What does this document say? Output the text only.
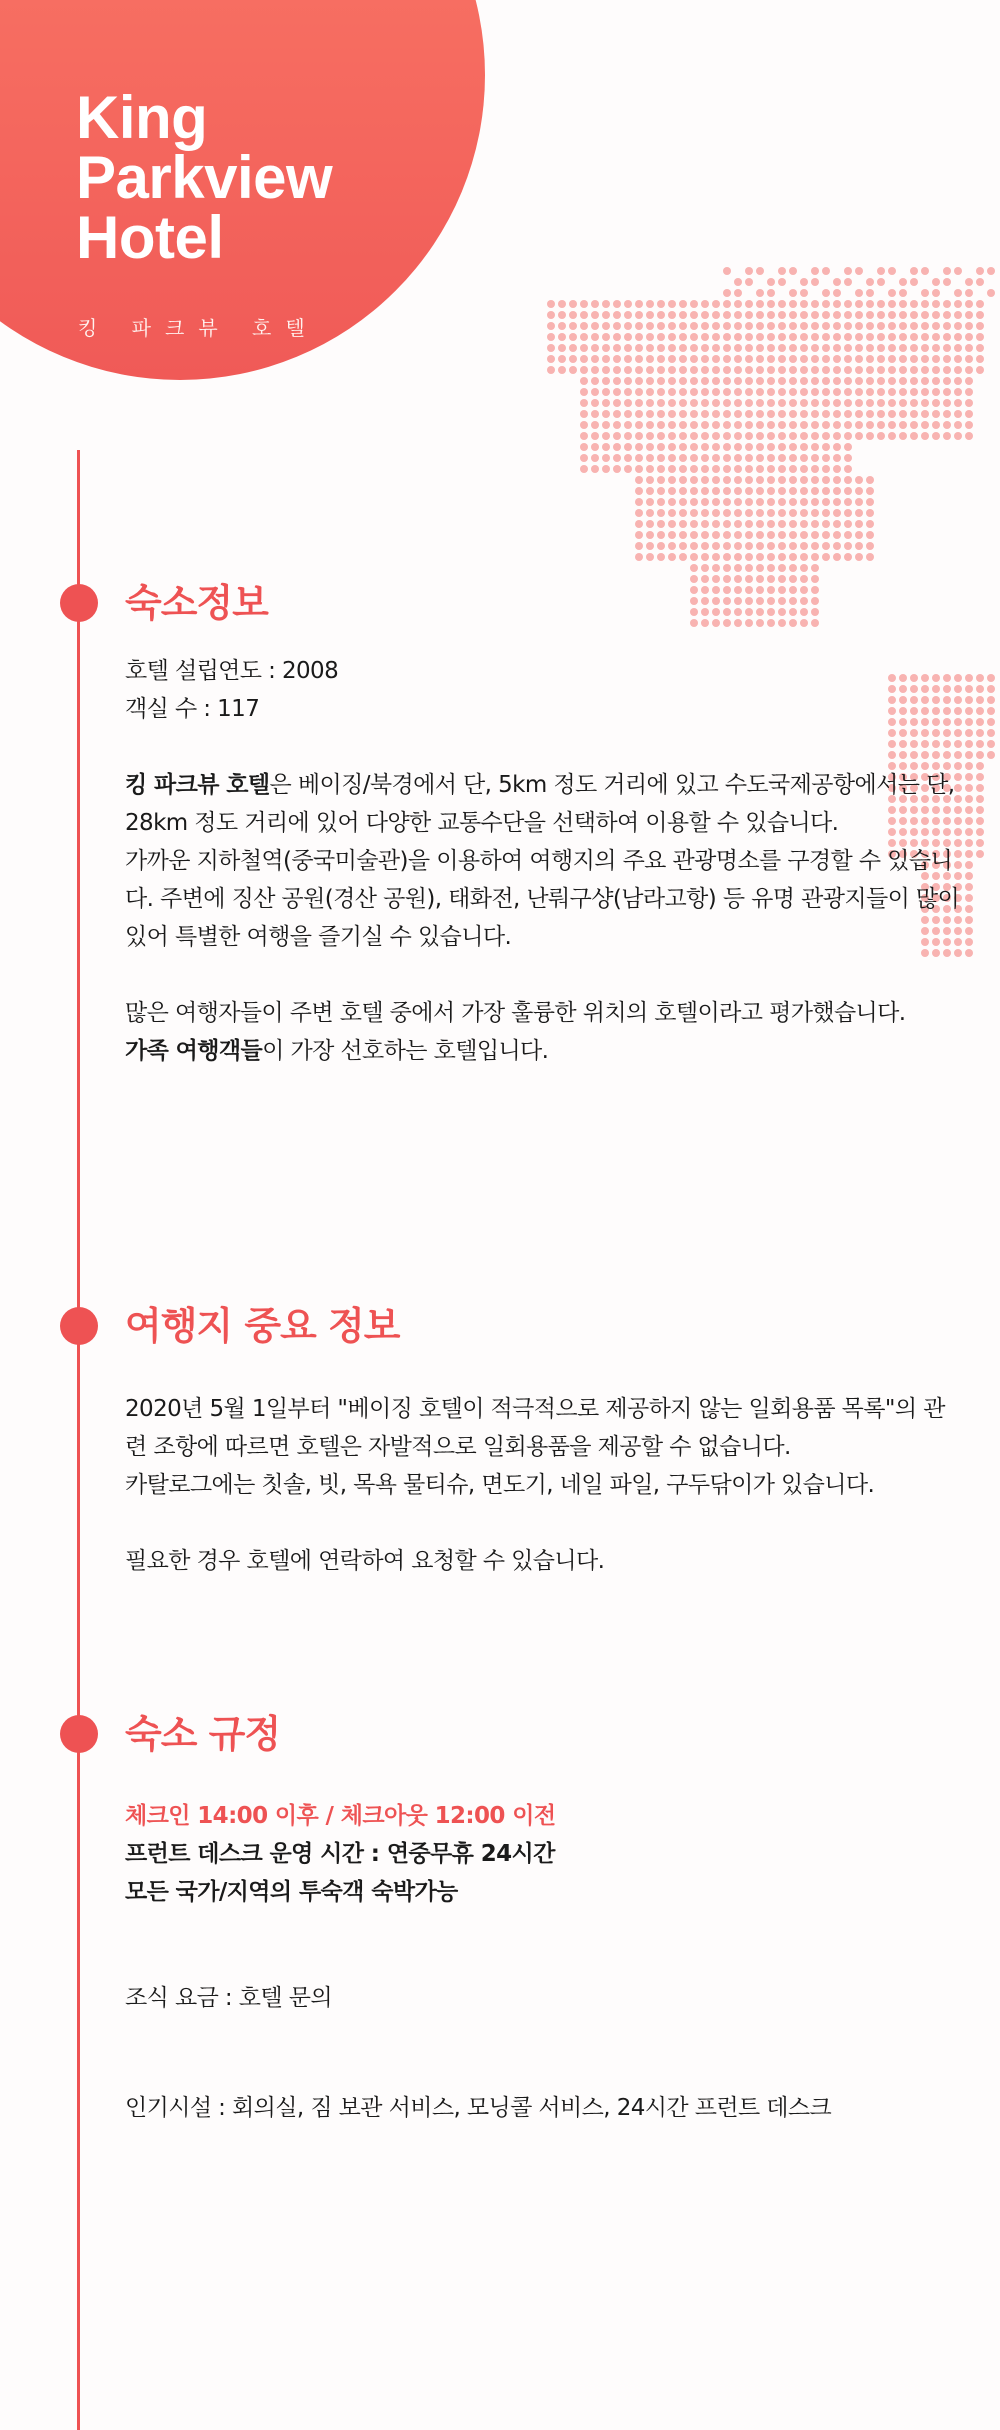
King
Parkview
Hotel
킹 파크뷰 호텔
숙소정보

호텔 설립연도 : 2008

객실 수 : 117

킹 파크뷰 호텔은 베이징/북경에서 단, 5km 정도 거리에 있고 수도국제공항에서는 단, 28km 정도 거리에 있어 다양한 교통수단을 선택하여 이용할 수 있습니다.

가까운 지하철역(중국미술관)을 이용하여 여행지의 주요 관광명소를 구경할 수 있습니다. 주변에 징산 공원(경산 공원), 태화전, 난뤄구샹(남라고항) 등 유명 관광지들이 많이 있어 특별한 여행을 즐기실 수 있습니다.

많은 여행자들이 주변 호텔 중에서 가장 훌륭한 위치의 호텔이라고 평가했습니다.

가족 여행객들이 가장 선호하는 호텔입니다.

여행지 중요 정보

2020년 5월 1일부터 "베이징 호텔이 적극적으로 제공하지 않는 일회용품 목록"의 관련 조항에 따르면 호텔은 자발적으로 일회용품을 제공할 수 없습니다.

카탈로그에는 칫솔, 빗, 목욕 물티슈, 면도기, 네일 파일, 구두닦이가 있습니다.

필요한 경우 호텔에 연락하여 요청할 수 있습니다.

숙소 규정

체크인 14:00 이후 / 체크아웃 12:00 이전

프런트 데스크 운영 시간 : 연중무휴 24시간

모든 국가/지역의 투숙객 숙박가능

조식 요금 : 호텔 문의

인기시설 : 회의실, 짐 보관 서비스, 모닝콜 서비스, 24시간 프런트 데스크
